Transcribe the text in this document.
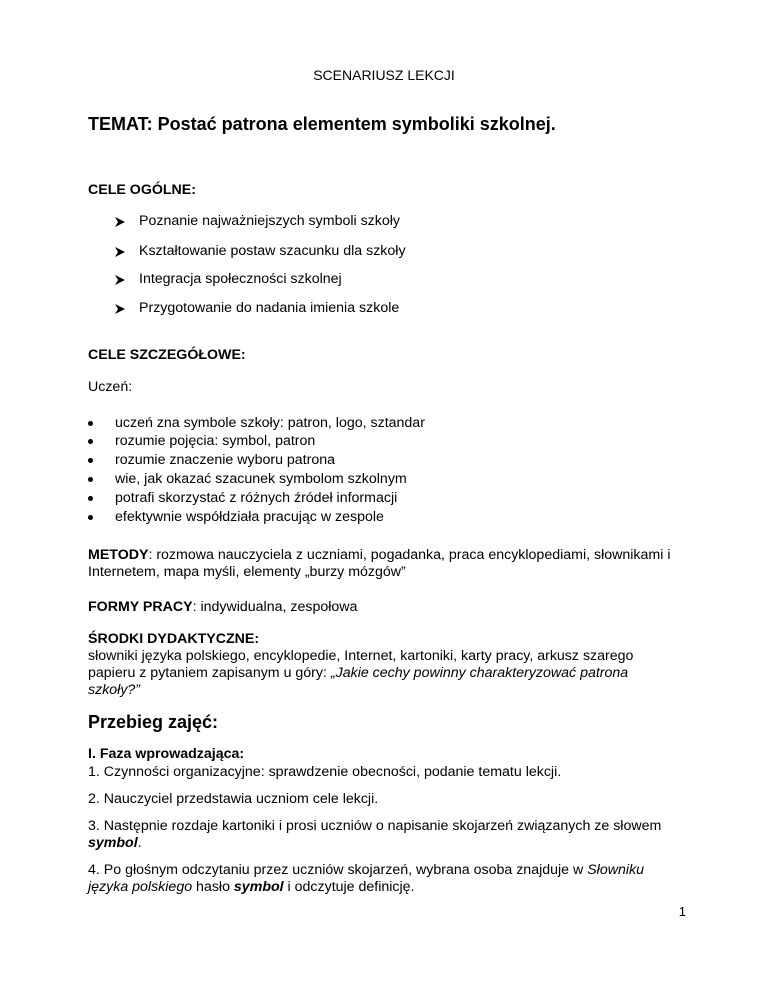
SCENARIUSZ LEKCJI
TEMAT: Postać patrona elementem symboliki szkolnej.
CELE OGÓLNE:
Poznanie najważniejszych symboli szkoły
Kształtowanie postaw szacunku dla szkoły
Integracja społeczności szkolnej
Przygotowanie do nadania imienia szkole
CELE SZCZEGÓŁOWE:
Uczeń:
uczeń zna symbole szkoły: patron, logo, sztandar
rozumie pojęcia: symbol, patron
rozumie znaczenie wyboru patrona
wie, jak okazać szacunek symbolom szkolnym
potrafi skorzystać z różnych źródeł informacji
efektywnie współdziała pracując w zespole
METODY: rozmowa nauczyciela z uczniami, pogadanka, praca encyklopediami, słownikami i Internetem, mapa myśli, elementy „burzy mózgów”
FORMY PRACY: indywidualna, zespołowa
ŚRODKI DYDAKTYCZNE:
słowniki języka polskiego, encyklopedie, Internet, kartoniki, karty pracy, arkusz szarego papieru z pytaniem zapisanym u góry: „Jakie cechy powinny charakteryzować patrona szkoły?”
Przebieg zajęć:
I. Faza wprowadzająca:
1. Czynności organizacyjne: sprawdzenie obecności, podanie tematu lekcji.
2. Nauczyciel przedstawia uczniom cele lekcji.
3. Następnie rozdaje kartoniki i prosi uczniów o napisanie skojarzeń związanych ze słowem symbol.
4. Po głośnym odczytaniu przez uczniów skojarzeń, wybrana osoba znajduje w Słowniku języka polskiego hasło symbol i odczytuje definicję.
1
